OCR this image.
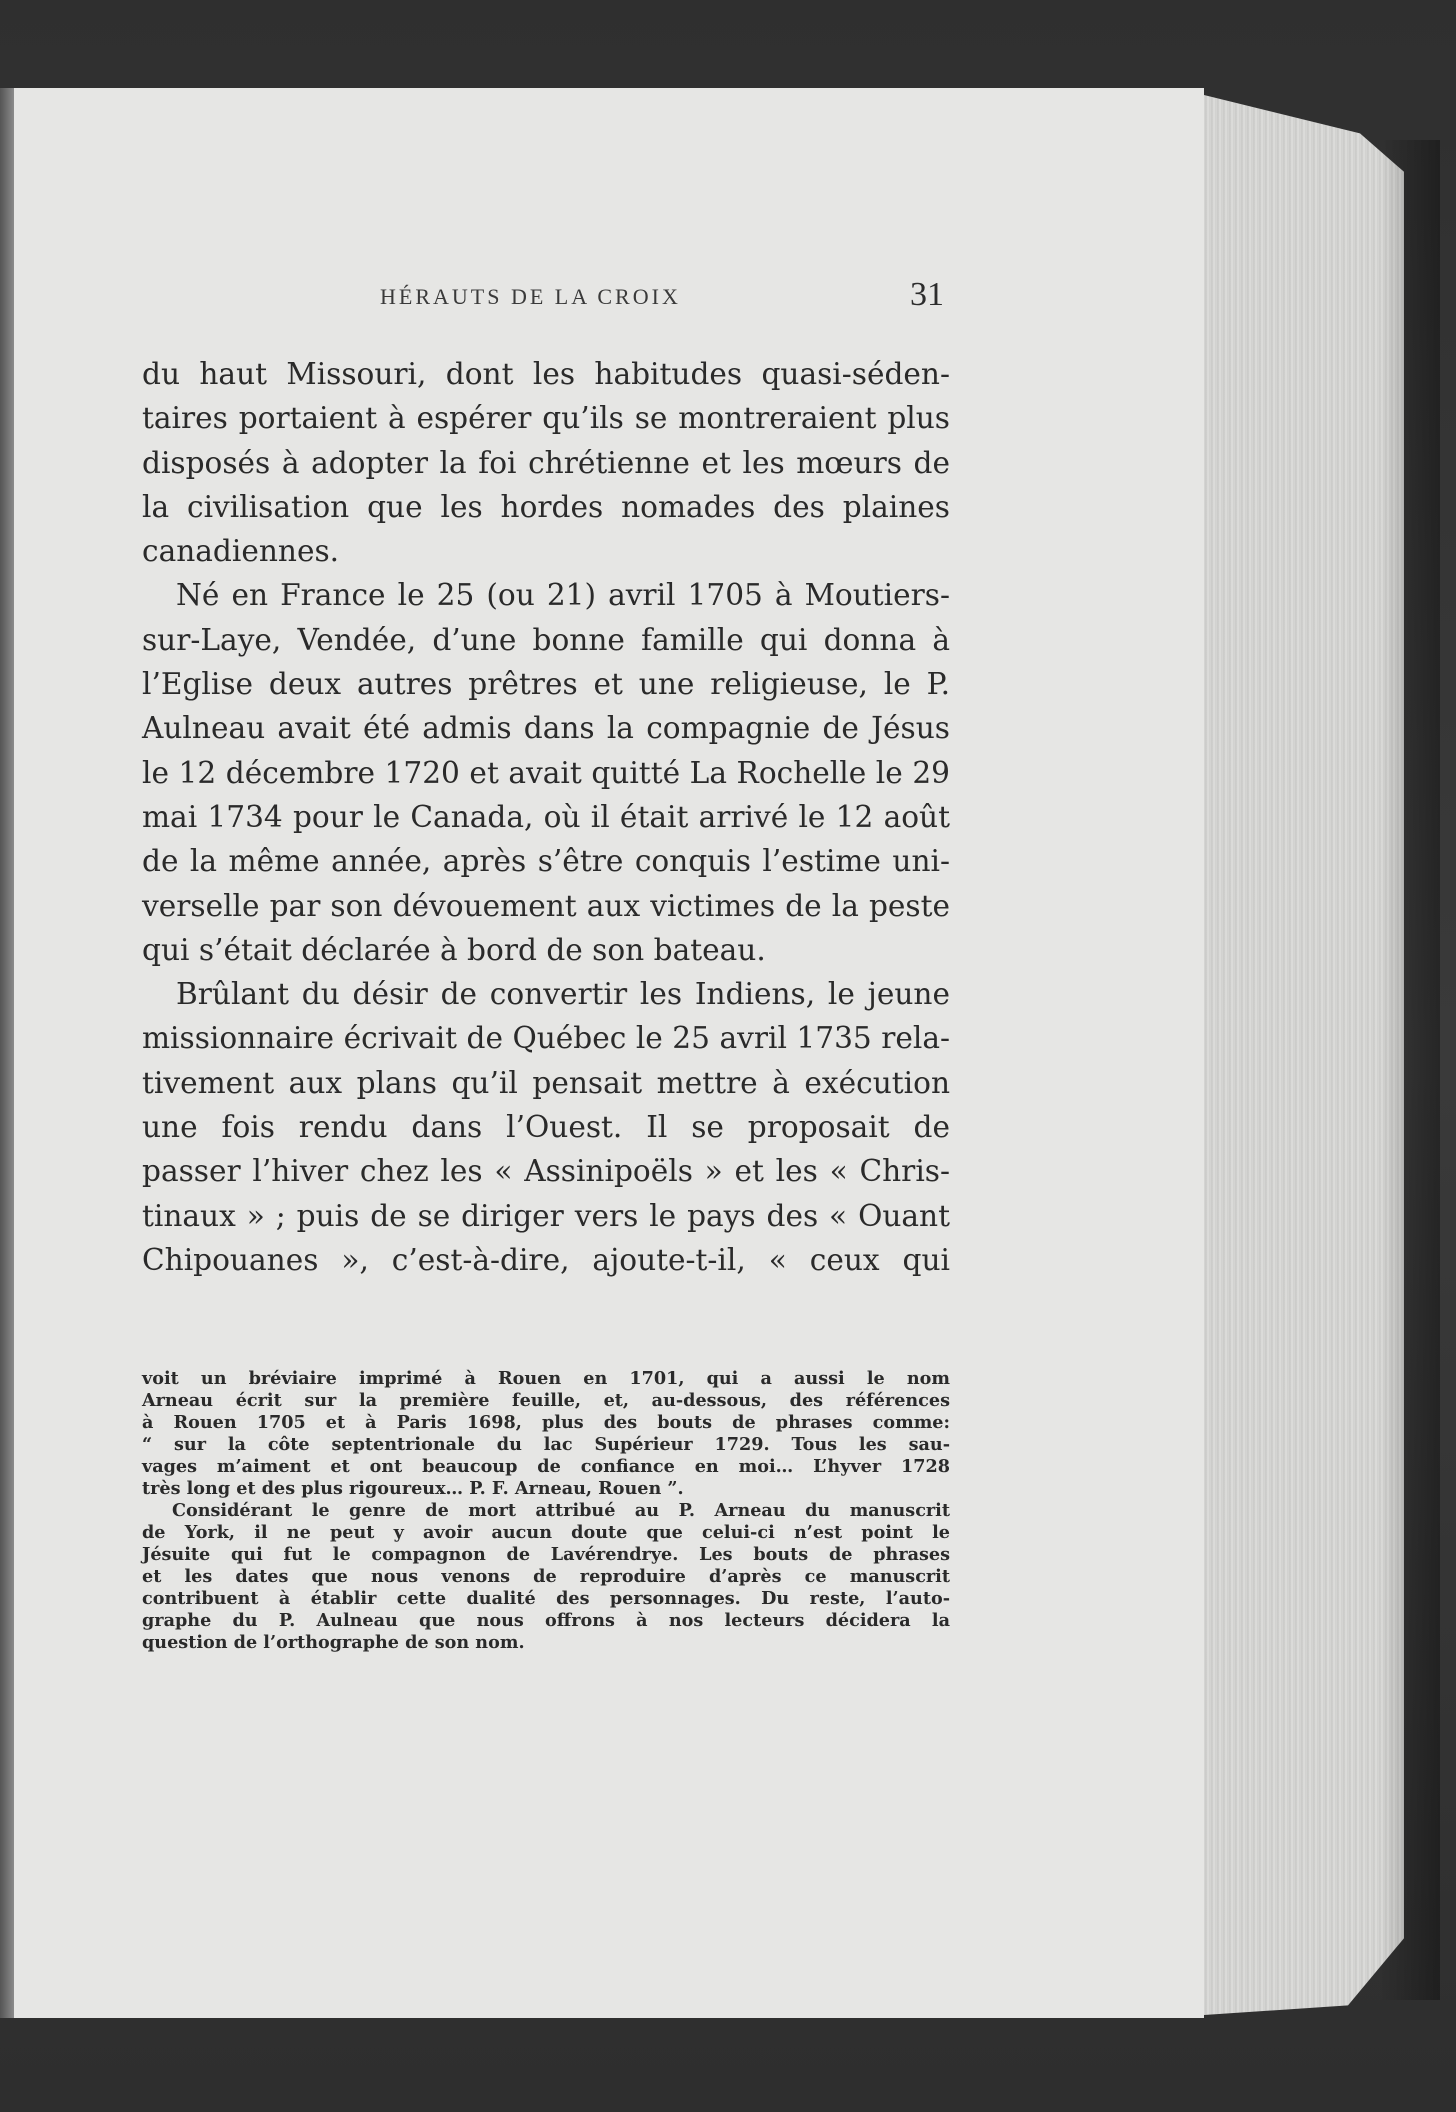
HÉRAUTS DE LA CROIX	31
du haut Missouri, dont les habitudes quasi-séden-
taires portaient à espérer qu’ils se montreraient plus
disposés à adopter la foi chrétienne et les mœurs de
la civilisation que les hordes nomades des plaines
canadiennes.
Né en France le 25 (ou 21) avril 1705 à Moutiers-
sur-Laye, Vendée, d’une bonne famille qui donna à
l’Eglise deux autres prêtres et une religieuse, le P.
Aulneau avait été admis dans la compagnie de Jésus
le 12 décembre 1720 et avait quitté La Rochelle le 29
mai 1734 pour le Canada, où il était arrivé le 12 août
de la même année, après s’être conquis l’estime uni-
verselle par son dévouement aux victimes de la peste
qui s’était déclarée à bord de son bateau.
Brûlant du désir de convertir les Indiens, le jeune
missionnaire écrivait de Québec le 25 avril 1735 rela-
tivement aux plans qu’il pensait mettre à exécution
une fois rendu dans l’Ouest. Il se proposait de
passer l’hiver chez les « Assinipoëls » et les « Chris-
tinaux » ; puis de se diriger vers le pays des « Ouant
Chipouanes », c’est-à-dire, ajoute-t-il, « ceux qui
voit un bréviaire imprimé à Rouen en 1701, qui a aussi le nom
Arneau écrit sur la première feuille, et, au-dessous, des références
à Rouen 1705 et à Paris 1698, plus des bouts de phrases comme:
“ sur la côte septentrionale du lac Supérieur 1729. Tous les sau-
vages m’aiment et ont beaucoup de confiance en moi… L’hyver 1728
très long et des plus rigoureux… P. F. Arneau, Rouen ”.
Considérant le genre de mort attribué au P. Arneau du manuscrit
de York, il ne peut y avoir aucun doute que celui-ci n’est point le
Jésuite qui fut le compagnon de Lavérendrye. Les bouts de phrases
et les dates que nous venons de reproduire d’après ce manuscrit
contribuent à établir cette dualité des personnages. Du reste, l’auto-
graphe du P. Aulneau que nous offrons à nos lecteurs décidera la
question de l’orthographe de son nom.
